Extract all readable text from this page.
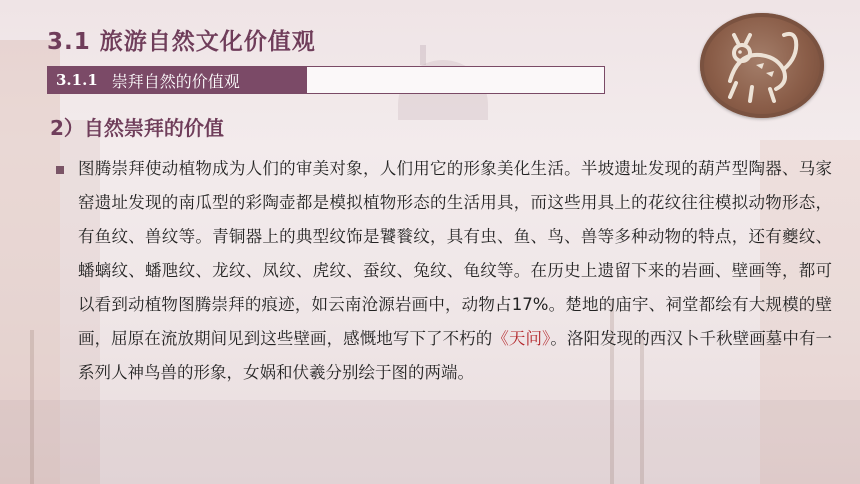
3.1 旅游自然文化价值观
3.1.1 崇拜自然的价值观
2）自然崇拜的价值

图腾崇拜使动植物成为人们的审美对象，人们用它的形象美化生活。半坡遗址发现的葫芦型陶器、马家窑遗址发现的南瓜型的彩陶壶都是模拟植物形态的生活用具，而这些用具上的花纹往往模拟动物形态，有鱼纹、兽纹等。青铜器上的典型纹饰是饕餮纹，具有虫、鱼、鸟、兽等多种动物的特点，还有夔纹、蟠螭纹、蟠虺纹、龙纹、凤纹、虎纹、蚕纹、兔纹、龟纹等。在历史上遗留下来的岩画、壁画等，都可以看到动植物图腾崇拜的痕迹，如云南沧源岩画中，动物占17%。楚地的庙宇、祠堂都绘有大规模的壁画，屈原在流放期间见到这些壁画，感慨地写下了不朽的《天问》。洛阳发现的西汉卜千秋壁画墓中有一系列人神鸟兽的形象，女娲和伏羲分别绘于图的两端。
